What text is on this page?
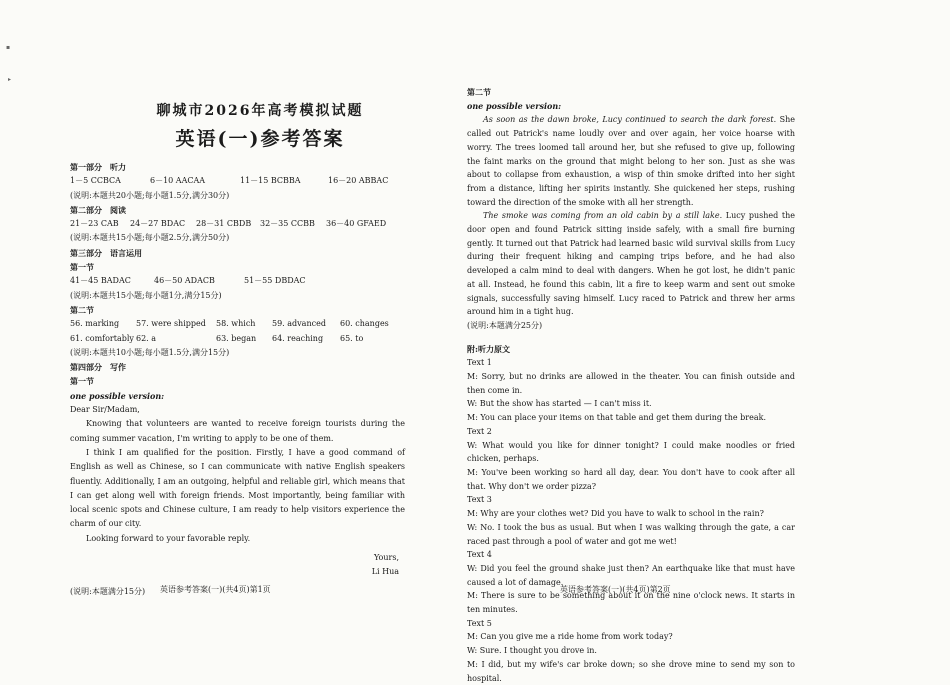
▪
▸
聊城市2026年高考模拟试题
英语(一)参考答案
第一部分　听力
1－5 CCBCA	6－10 AACAA	11－15 BCBBA	16－20 ABBAC
(说明:本题共20小题;每小题1.5分,满分30分)
第二部分　阅读
21－23 CAB 24－27 BDAC 28－31 CBDB 32－35 CCBB 36－40 GFAED
(说明:本题共15小题;每小题2.5分,满分50分)
第三部分　语言运用
第一节
41－45 BADAC	46－50 ADACB	51－55 DBDAC
(说明:本题共15小题;每小题1分,满分15分)
第二节
56. marking 57. were shipped 58. which 59. advanced 60. changes
61. comfortably 62. a	63. began 64. reaching 65. to
(说明:本题共10小题;每小题1.5分,满分15分)
第四部分　写作
第一节
one possible version:
Dear Sir/Madam,

Knowing that volunteers are wanted to receive foreign tourists during the coming summer vacation, I'm writing to apply to be one of them.

I think I am qualified for the position. Firstly, I have a good command of English as well as Chinese, so I can communicate with native English speakers fluently. Additionally, I am an outgoing, helpful and reliable girl, which means that I can get along well with foreign friends. Most importantly, being familiar with local scenic spots and Chinese culture, I am ready to help visitors experience the charm of our city.

Looking forward to your favorable reply.

Yours,
Li Hua
(说明:本题满分15分)	英语参考答案(一)(共4页)第1页
第二节
one possible version:

As soon as the dawn broke, Lucy continued to search the dark forest. She called out Patrick's name loudly over and over again, her voice hoarse with worry. The trees loomed tall around her, but she refused to give up, following the faint marks on the ground that might belong to her son. Just as she was about to collapse from exhaustion, a wisp of thin smoke drifted into her sight from a distance, lifting her spirits instantly. She quickened her steps, rushing toward the direction of the smoke with all her strength.

The smoke was coming from an old cabin by a still lake. Lucy pushed the door open and found Patrick sitting inside safely, with a small fire burning gently. It turned out that Patrick had learned basic wild survival skills from Lucy during their frequent hiking and camping trips before, and he had also developed a calm mind to deal with dangers. When he got lost, he didn't panic at all. Instead, he found this cabin, lit a fire to keep warm and sent out smoke signals, successfully saving himself. Lucy raced to Patrick and threw her arms around him in a tight hug.

(说明:本题满分25分)
附:听力原文
Text 1
M: Sorry, but no drinks are allowed in the theater. You can finish outside and then come in.
W: But the show has started — I can't miss it.
M: You can place your items on that table and get them during the break.
Text 2
W: What would you like for dinner tonight? I could make noodles or fried chicken, perhaps.
M: You've been working so hard all day, dear. You don't have to cook after all that. Why don't we order pizza?
Text 3
M: Why are your clothes wet? Did you have to walk to school in the rain?
W: No. I took the bus as usual. But when I was walking through the gate, a car raced past through a pool of water and got me wet!
Text 4
W: Did you feel the ground shake just then? An earthquake like that must have caused a lot of damage.
M: There is sure to be something about it on the nine o'clock news. It starts in ten minutes.
Text 5
M: Can you give me a ride home from work today?
W: Sure. I thought you drove in.
M: I did, but my wife's car broke down; so she drove mine to send my son to hospital.
英语参考答案(一)(共4页)第2页
